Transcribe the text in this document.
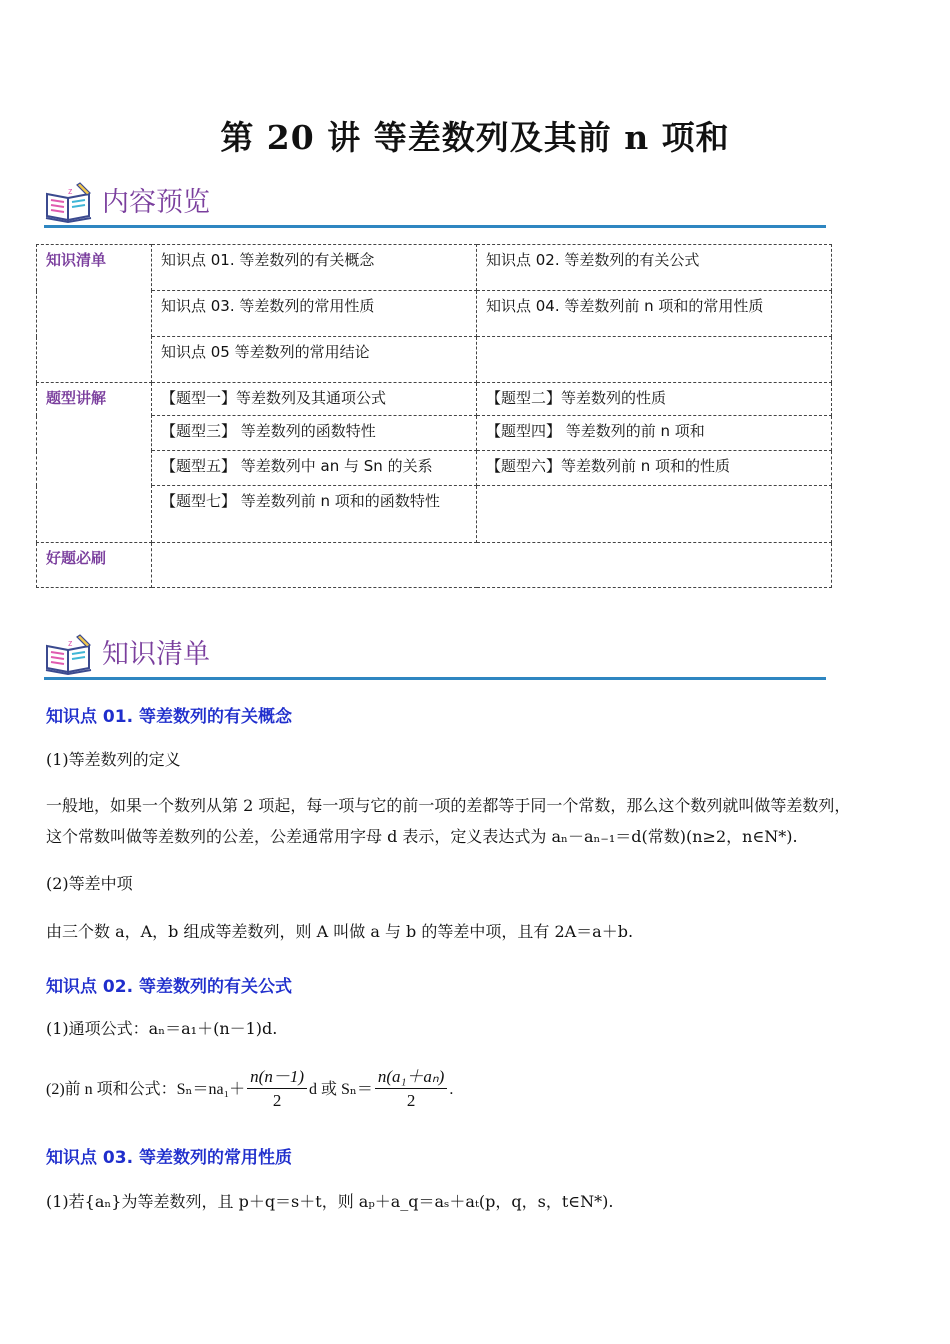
第 20 讲 等差数列及其前 n 项和
z 内容预览
知识清单	知识点 01. 等差数列的有关概念	知识点 02. 等差数列的有关公式
	知识点 03. 等差数列的常用性质	知识点 04. 等差数列前 n 项和的常用性质
	知识点 05 等差数列的常用结论	
题型讲解	【题型一】等差数列及其通项公式	【题型二】等差数列的性质
	【题型三】 等差数列的函数特性	【题型四】 等差数列的前 n 项和
	【题型五】 等差数列中 an 与 Sn 的关系	【题型六】等差数列前 n 项和的性质
	【题型七】 等差数列前 n 项和的函数特性	
好题必刷		
z 知识清单
知识点 01. 等差数列的有关概念
(1)等差数列的定义
一般地，如果一个数列从第 2 项起，每一项与它的前一项的差都等于同一个常数，那么这个数列就叫做等差数列，
这个常数叫做等差数列的公差，公差通常用字母 d 表示，定义表达式为 aₙ－aₙ₋₁＝d(常数)(n≥2，n∈N*).
(2)等差中项
由三个数 a，A，b 组成等差数列，则 A 叫做 a 与 b 的等差中项，且有 2A＝a＋b.
知识点 02. 等差数列的有关公式
(1)通项公式：aₙ＝a₁＋(n－1)d.
(2)前 n 项和公式：$S_n=na_1+ \frac{n(n-1)}{2}$ d 或 $S_n= \frac{\text{n(a₁＋aₙ)}}{2}$ .
知识点 03. 等差数列的常用性质
(1)若{aₙ}为等差数列，且 p＋q＝s＋t，则 aₚ＋a_q＝aₛ＋aₜ(p，q，s，t∈N*).
